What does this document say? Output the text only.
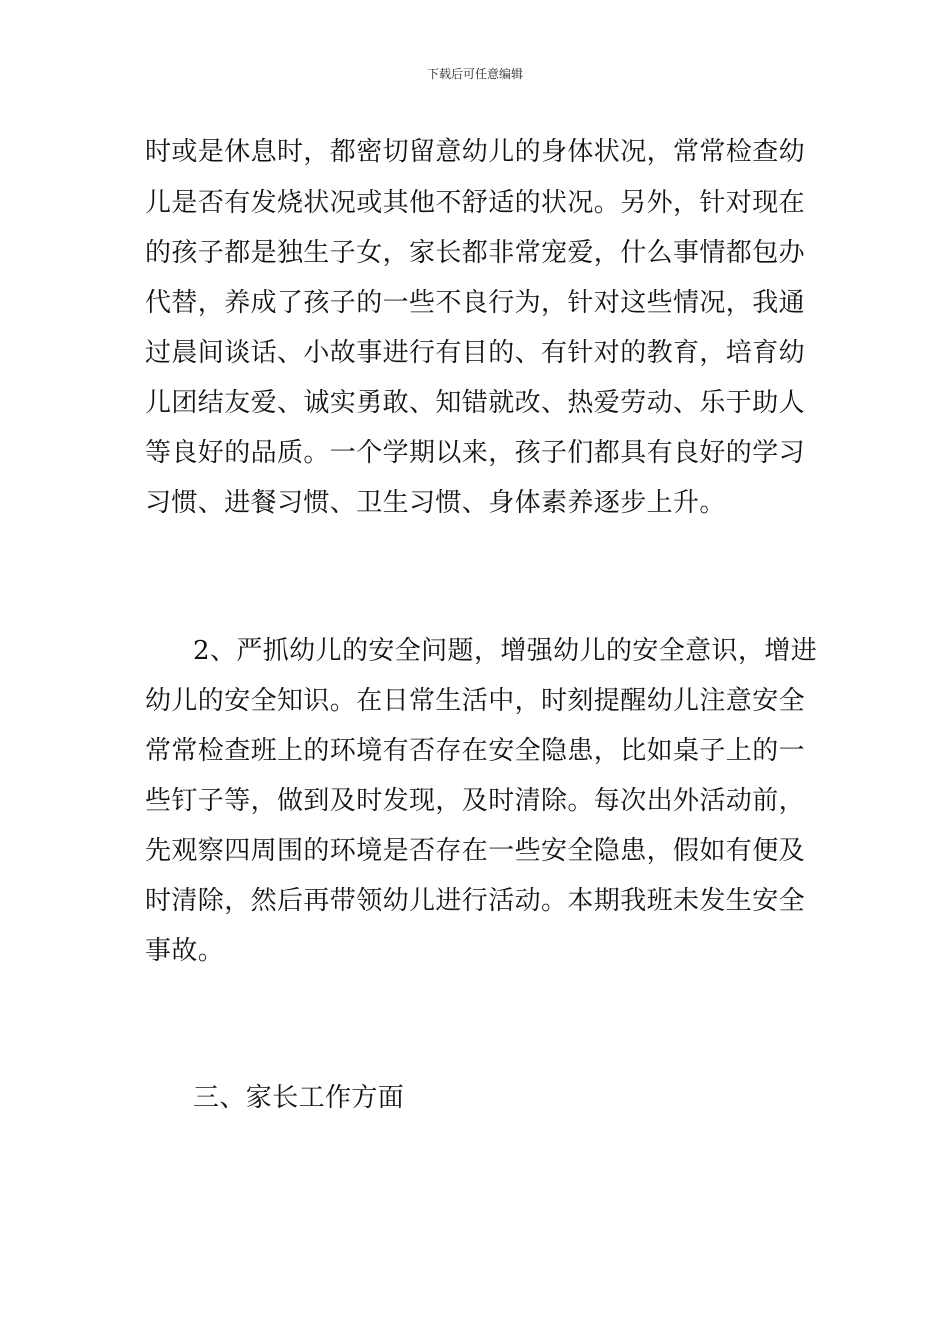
下载后可任意编辑
时或是休息时，都密切留意幼儿的身体状况，常常检查幼
儿是否有发烧状况或其他不舒适的状况。另外，针对现在
的孩子都是独生子女，家长都非常宠爱，什么事情都包办
代替，养成了孩子的一些不良行为，针对这些情况，我通
过晨间谈话、小故事进行有目的、有针对的教育，培育幼
儿团结友爱、诚实勇敢、知错就改、热爱劳动、乐于助人
等良好的品质。一个学期以来，孩子们都具有良好的学习
习惯、进餐习惯、卫生习惯、身体素养逐步上升。
2、严抓幼儿的安全问题，增强幼儿的安全意识，增进
幼儿的安全知识。在日常生活中，时刻提醒幼儿注意安全
常常检查班上的环境有否存在安全隐患，比如桌子上的一
些钉子等，做到及时发现，及时清除。每次出外活动前，
先观察四周围的环境是否存在一些安全隐患，假如有便及
时清除，然后再带领幼儿进行活动。本期我班未发生安全
事故。
三、家长工作方面
